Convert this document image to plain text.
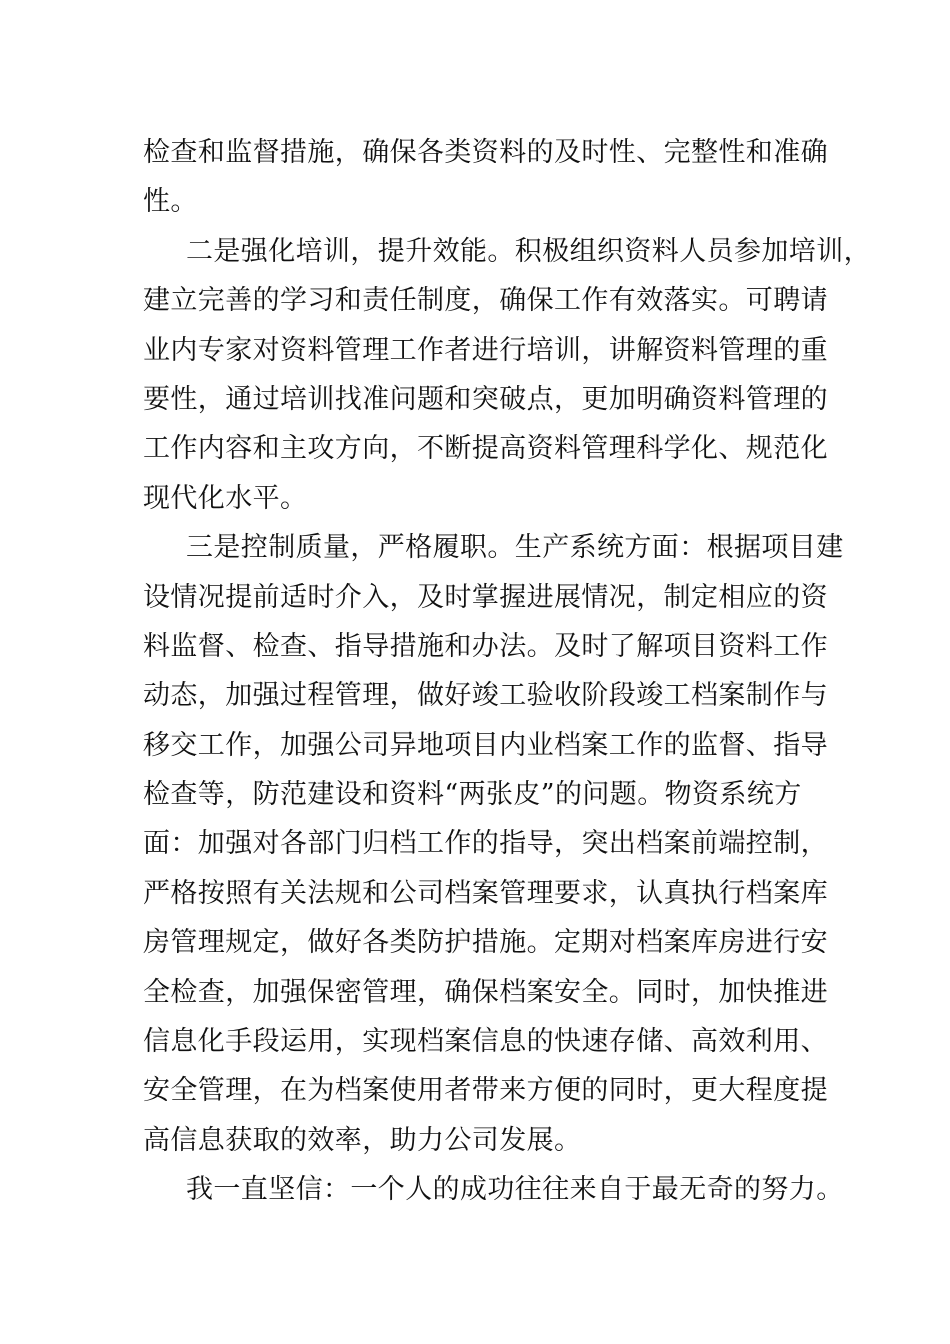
检查和监督措施，确保各类资料的及时性、完整性和准确
性。

二是强化培训，提升效能。积极组织资料人员参加培训，
建立完善的学习和责任制度，确保工作有效落实。可聘请
业内专家对资料管理工作者进行培训，讲解资料管理的重
要性，通过培训找准问题和突破点，更加明确资料管理的
工作内容和主攻方向，不断提高资料管理科学化、规范化
现代化水平。

三是控制质量，严格履职。生产系统方面：根据项目建
设情况提前适时介入，及时掌握进展情况，制定相应的资
料监督、检查、指导措施和办法。及时了解项目资料工作
动态，加强过程管理，做好竣工验收阶段竣工档案制作与
移交工作，加强公司异地项目内业档案工作的监督、指导
检查等，防范建设和资料“两张皮”的问题。物资系统方
面：加强对各部门归档工作的指导，突出档案前端控制，
严格按照有关法规和公司档案管理要求，认真执行档案库
房管理规定，做好各类防护措施。定期对档案库房进行安
全检查，加强保密管理，确保档案安全。同时，加快推进
信息化手段运用，实现档案信息的快速存储、高效利用、
安全管理，在为档案使用者带来方便的同时，更大程度提
高信息获取的效率，助力公司发展。

我一直坚信：一个人的成功往往来自于最无奇的努力。
